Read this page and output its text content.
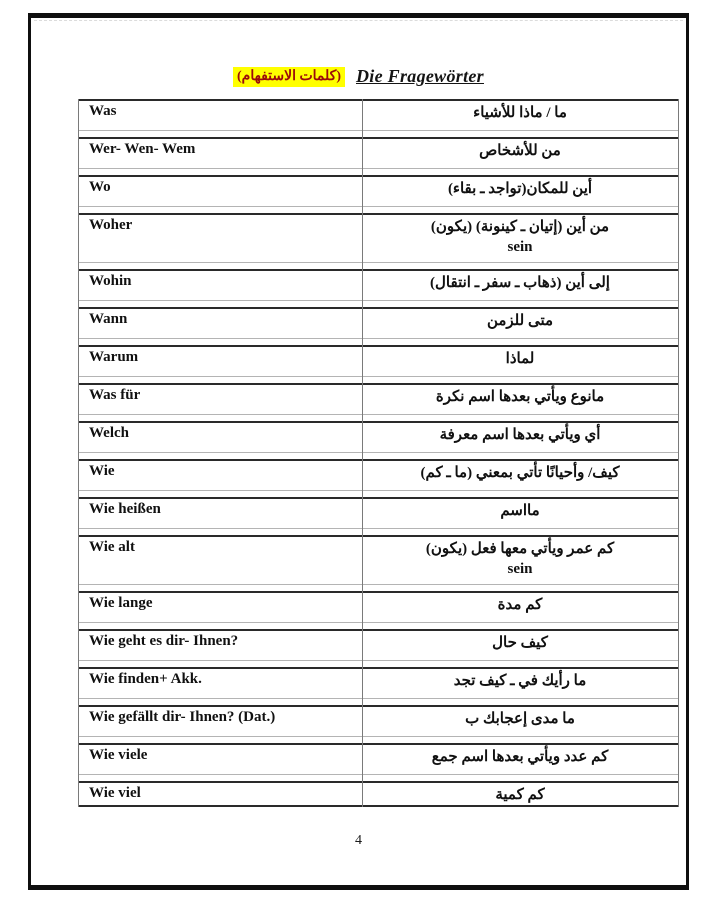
(كلمات الاستفهام) Die Fragewörter
Was	ما / ماذا للأشياء
Wer- Wen- Wem	من للأشخاص
Wo	أين للمكان(تواجد ـ بقاء)
Woher	من أين (إتيان ـ كينونة) (يكون)
sein
Wohin	إلى أين (ذهاب ـ سفر ـ انتقال)
Wann	متى للزمن
Warum	لماذا
Was für	مانوع ويأتي بعدها اسم نكرة
Welch	أي ويأتي بعدها اسم معرفة
Wie	كيف/ وأحيانًا تأتي بمعني (ما ـ كم)
Wie heißen	مااسم
Wie alt	كم عمر ويأتي معها فعل (يكون)
sein
Wie lange	كم مدة
Wie geht es dir- Ihnen?	كيف حال
Wie finden+ Akk.	ما رأيك في ـ كيف تجد
Wie gefällt dir- Ihnen? (Dat.)	ما مدى إعجابك ب
Wie viele	كم عدد ويأتي بعدها اسم جمع
Wie viel	كم كمية
4
